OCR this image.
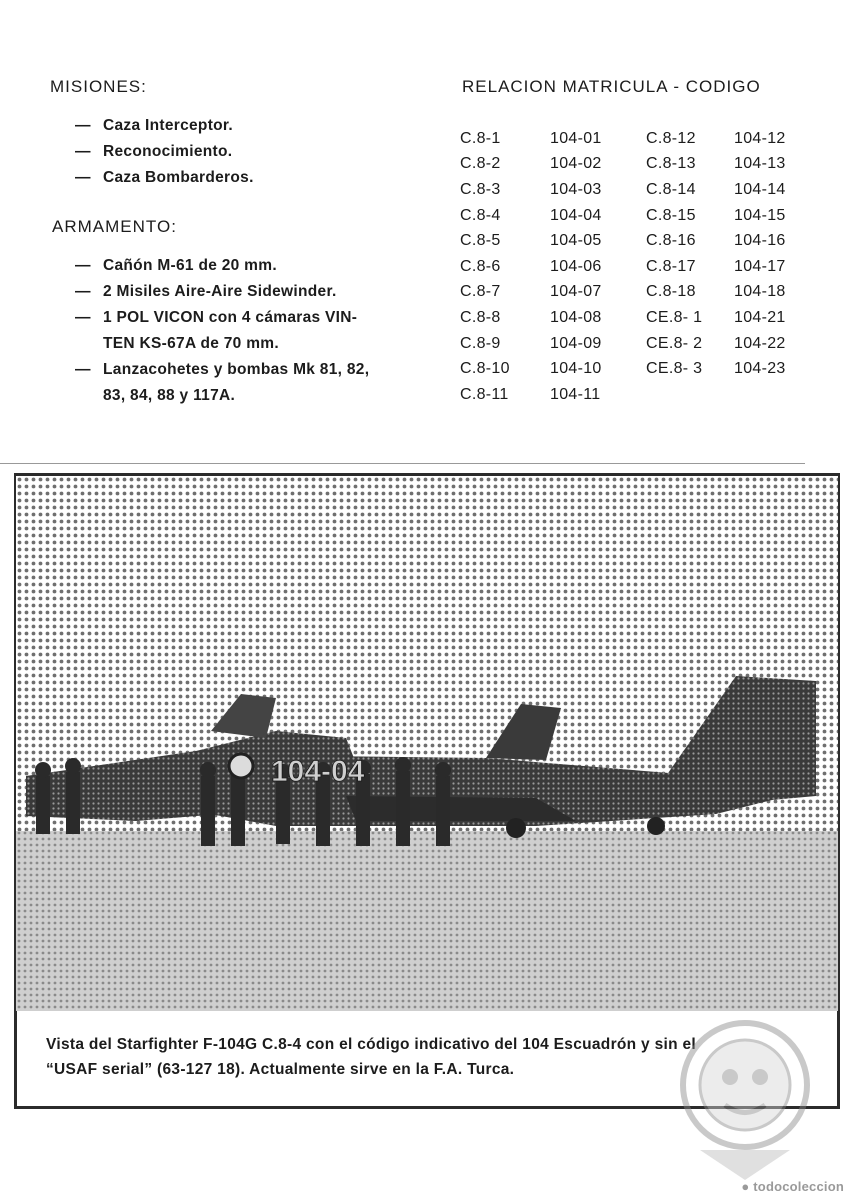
MISIONES:
— Caza Interceptor.
— Reconocimiento.
— Caza Bombarderos.
ARMAMENTO:
— Cañón M-61 de 20 mm.
— 2 Misiles Aire-Aire Sidewinder.
— 1 POL VICON con 4 cámaras VIN-
TEN KS-67A de 70 mm.
— Lanzacohetes y bombas Mk 81, 82,
83, 84, 88 y 117A.
RELACION MATRICULA - CODIGO
C.8-1	104-01	C.8-12	104-12
C.8-2	104-02	C.8-13	104-13
C.8-3	104-03	C.8-14	104-14
C.8-4	104-04	C.8-15	104-15
C.8-5	104-05	C.8-16	104-16
C.8-6	104-06	C.8-17	104-17
C.8-7	104-07	C.8-18	104-18
C.8-8	104-08	CE.8- 1	104-21
C.8-9	104-09	CE.8- 2	104-22
C.8-10	104-10	CE.8- 3	104-23
C.8-11	104-11		
104-04
Vista del Starfighter F-104G C.8-4 con el código indicativo del 104 Escuadrón y sin el
“USAF serial” (63-127 18). Actualmente sirve en la F.A. Turca.
● todocoleccion
